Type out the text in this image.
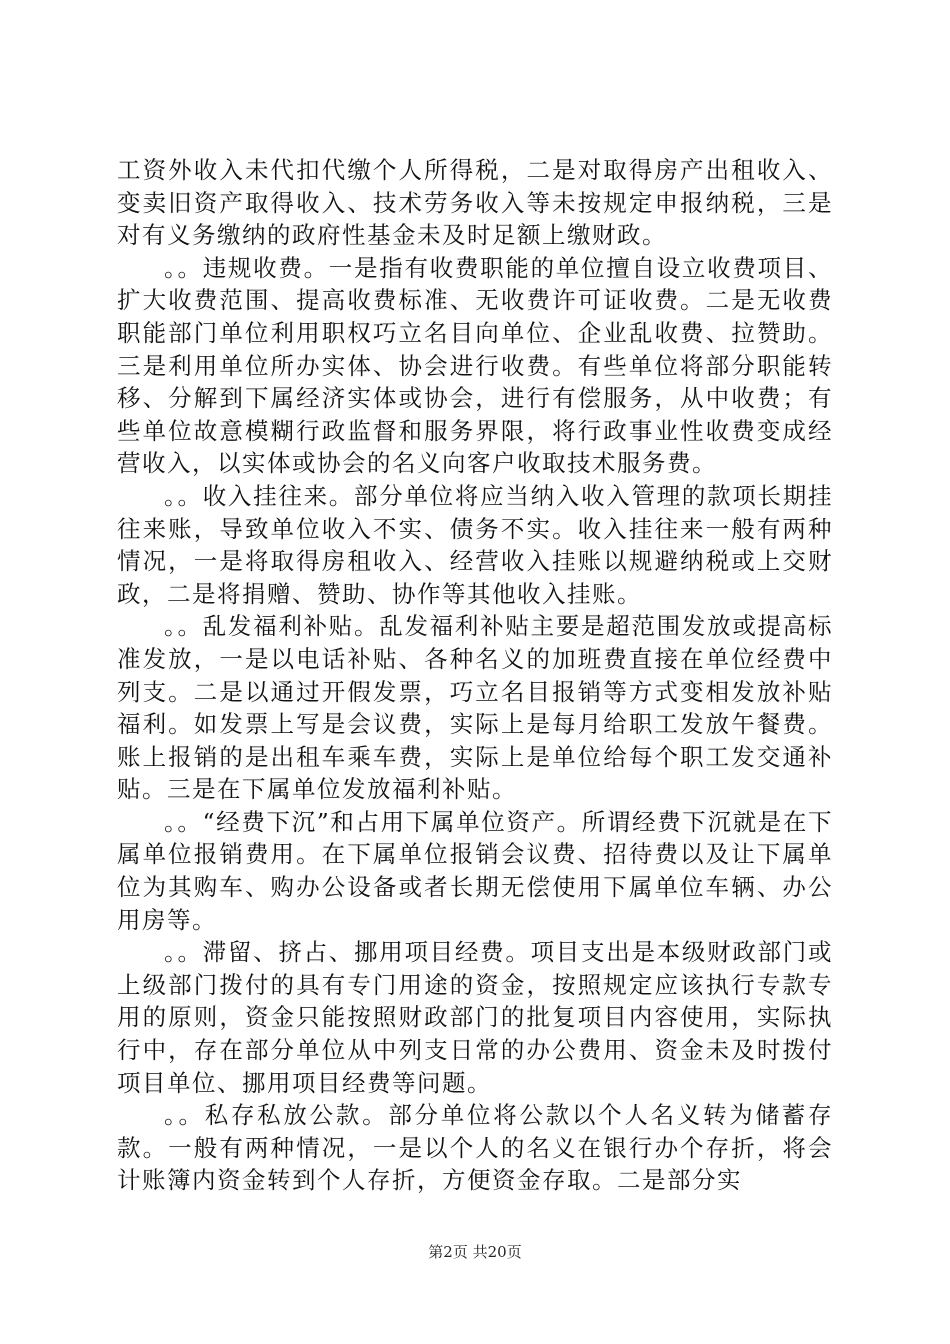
工资外收入未代扣代缴个人所得税，二是对取得房产出租收入、变卖旧资产取得收入、技术劳务收入等未按规定申报纳税，三是对有义务缴纳的政府性基金未及时足额上缴财政。

。。违规收费。一是指有收费职能的单位擅自设立收费项目、扩大收费范围、提高收费标准、无收费许可证收费。二是无收费职能部门单位利用职权巧立名目向单位、企业乱收费、拉赞助。三是利用单位所办实体、协会进行收费。有些单位将部分职能转移、分解到下属经济实体或协会，进行有偿服务，从中收费；有些单位故意模糊行政监督和服务界限，将行政事业性收费变成经营收入，以实体或协会的名义向客户收取技术服务费。

。。收入挂往来。部分单位将应当纳入收入管理的款项长期挂往来账，导致单位收入不实、债务不实。收入挂往来一般有两种情况，一是将取得房租收入、经营收入挂账以规避纳税或上交财政，二是将捐赠、赞助、协作等其他收入挂账。

。。乱发福利补贴。乱发福利补贴主要是超范围发放或提高标准发放，一是以电话补贴、各种名义的加班费直接在单位经费中列支。二是以通过开假发票，巧立名目报销等方式变相发放补贴福利。如发票上写是会议费，实际上是每月给职工发放午餐费。账上报销的是出租车乘车费，实际上是单位给每个职工发交通补贴。三是在下属单位发放福利补贴。

。。“经费下沉”和占用下属单位资产。所谓经费下沉就是在下属单位报销费用。在下属单位报销会议费、招待费以及让下属单位为其购车、购办公设备或者长期无偿使用下属单位车辆、办公用房等。

。。滞留、挤占、挪用项目经费。项目支出是本级财政部门或上级部门拨付的具有专门用途的资金，按照规定应该执行专款专用的原则，资金只能按照财政部门的批复项目内容使用，实际执行中，存在部分单位从中列支日常的办公费用、资金未及时拨付项目单位、挪用项目经费等问题。

。。私存私放公款。部分单位将公款以个人名义转为储蓄存款。一般有两种情况，一是以个人的名义在银行办个存折，将会计账簿内资金转到个人存折，方便资金存取。二是部分实

第2页 共20页
